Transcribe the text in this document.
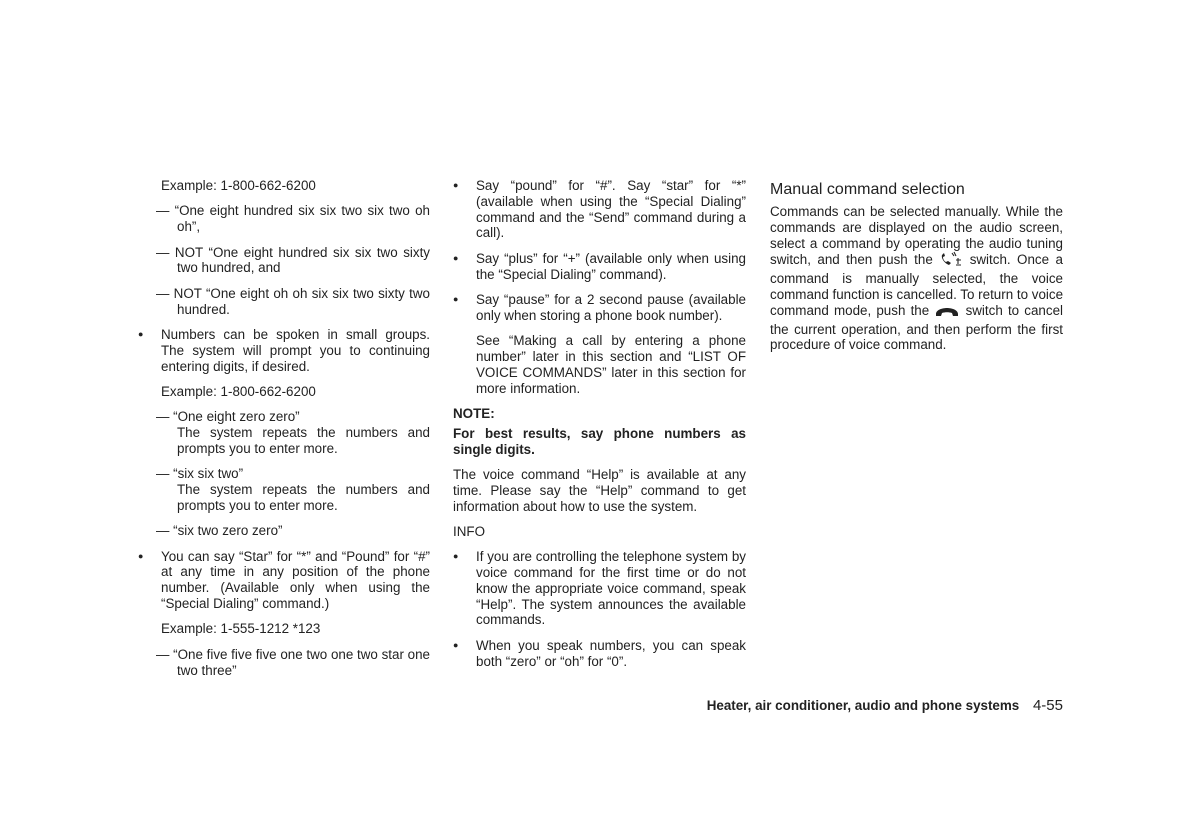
Example: 1-800-662-6200

— “One eight hundred six six two six two oh oh”,

— NOT “One eight hundred six six two sixty two hundred, and

— NOT “One eight oh oh six six two sixty two hundred.

● Numbers can be spoken in small groups. The system will prompt you to continuing entering digits, if desired.

Example: 1-800-662-6200

— “One eight zero zero”
The system repeats the numbers and prompts you to enter more.

— “six six two”
The system repeats the numbers and prompts you to enter more.

— “six two zero zero”

● You can say “Star” for “*” and “Pound” for “#” at any time in any position of the phone number. (Available only when using the “Special Dialing” command.)

Example: 1-555-1212 *123

— “One five five five one two one two star one two three”

● Say “pound” for “#”. Say “star” for “*” (available when using the “Special Dialing” command and the “Send” command during a call).

● Say “plus” for “+” (available only when using the “Special Dialing” command).

● Say “pause” for a 2 second pause (available only when storing a phone book number).

See “Making a call by entering a phone number” later in this section and “LIST OF VOICE COMMANDS” later in this section for more information.

NOTE:

For best results, say phone numbers as single digits.

The voice command “Help” is available at any time. Please say the “Help” command to get information about how to use the system.

INFO

● If you are controlling the telephone system by voice command for the first time or do not know the appropriate voice command, speak “Help”. The system announces the available commands.

● When you speak numbers, you can speak both “zero” or “oh” for “0”.

Manual command selection

Commands can be selected manually. While the commands are displayed on the audio screen, select a command by operating the audio tuning switch, and then push the	switch. Once a command is manually selected, the voice command function is cancelled. To return to voice command mode, push the	switch to cancel the current operation, and then perform the first procedure of voice command.

Heater, air conditioner, audio and phone systems 4-55
